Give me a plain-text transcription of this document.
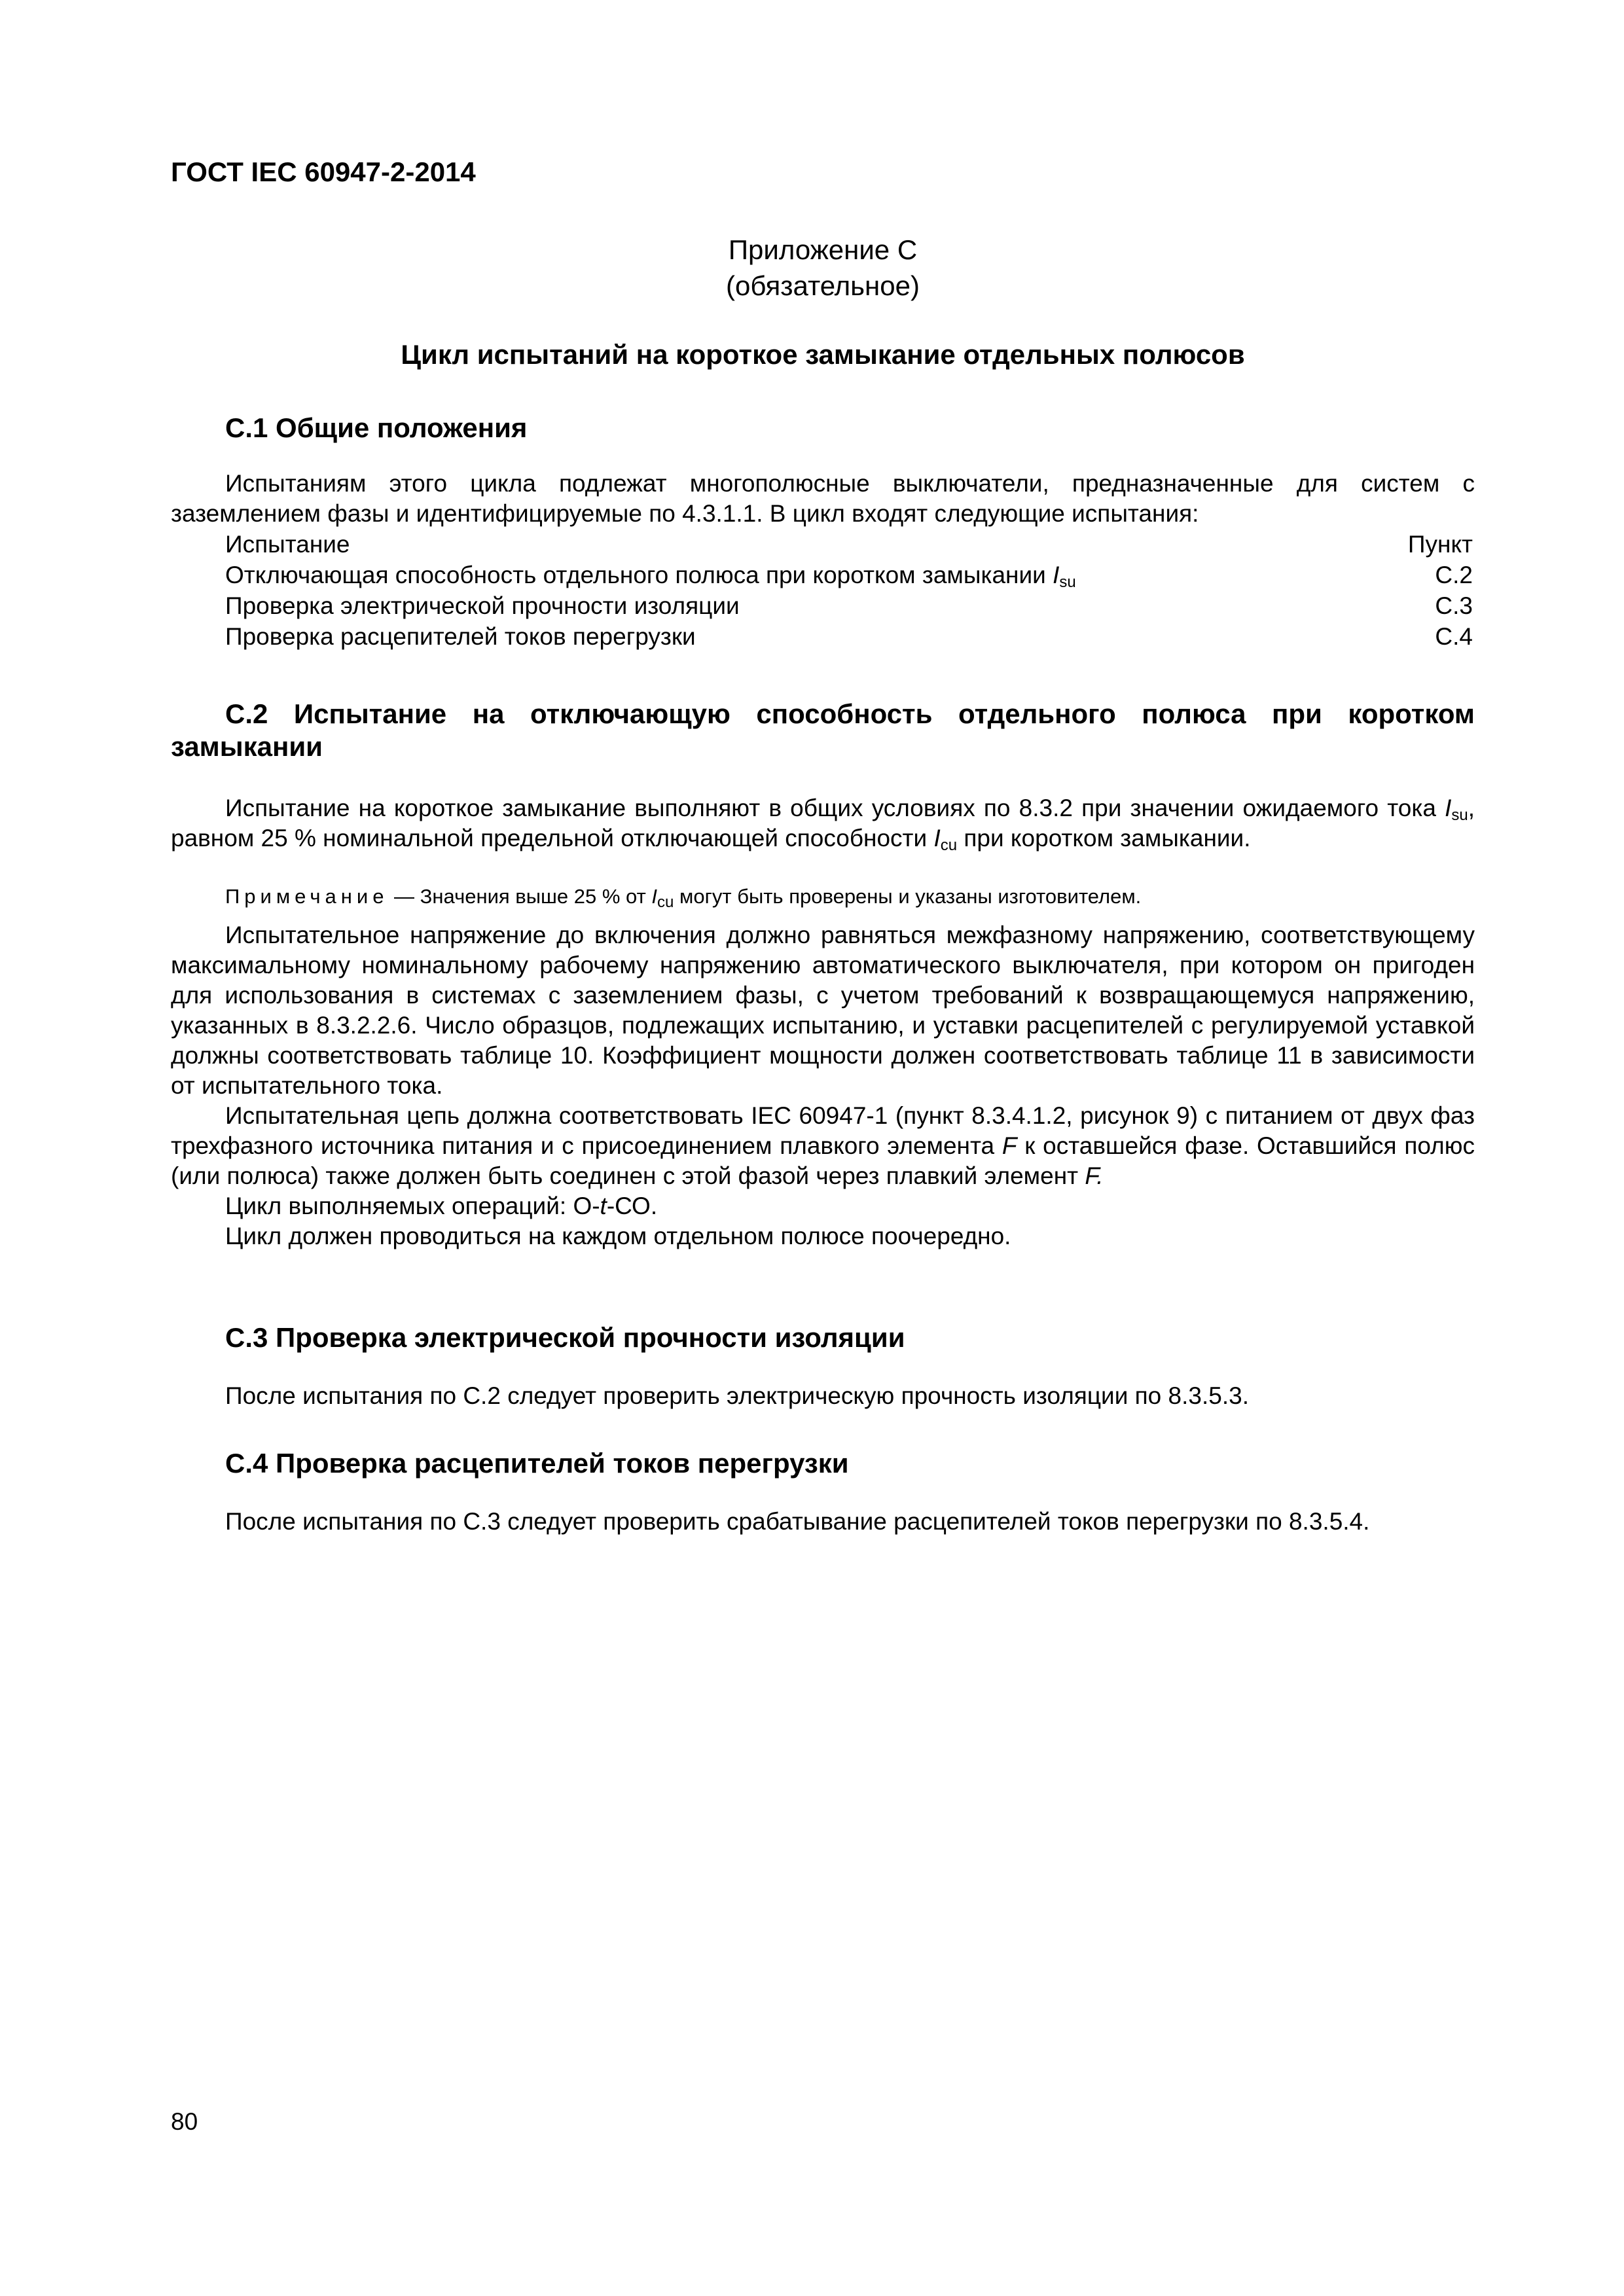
ГОСТ IEC 60947-2-2014
Приложение С
(обязательное)
Цикл испытаний на короткое замыкание отдельных полюсов
С.1 Общие положения

Испытаниям этого цикла подлежат многополюсные выключатели, предназначенные для систем с заземлением фазы и идентифицируемые по 4.3.1.1. В цикл входят следующие испытания:

Испытание	Пункт
Отключающая способность отдельного полюса при коротком замыкании $I_{su}$	С.2
Проверка электрической прочности изоляции	С.3
Проверка расцепителей токов перегрузки	С.4
С.2 Испытание на отключающую способность отдельного полюса при коротком замыкании

Испытание на короткое замыкание выполняют в общих условиях по 8.3.2 при значении ожидаемого тока $I_{su}$, равном 25 % номинальной предельной отключающей способности $I_{cu}$ при коротком замыкании.

Примечание — Значения выше 25 % от $I_{cu}$ могут быть проверены и указаны изготовителем.

Испытательное напряжение до включения должно равняться межфазному напряжению, соответствующему максимальному номинальному рабочему напряжению автоматического выключателя, при котором он пригоден для использования в системах с заземлением фазы, с учетом требований к возвращающемуся напряжению, указанных в 8.3.2.2.6. Число образцов, подлежащих испытанию, и уставки расцепителей с регулируемой уставкой должны соответствовать таблице 10. Коэффициент мощности должен соответствовать таблице 11 в зависимости от испытательного тока.

Испытательная цепь должна соответствовать IEC 60947-1 (пункт 8.3.4.1.2, рисунок 9) с питанием от двух фаз трехфазного источника питания и с присоединением плавкого элемента F к оставшейся фазе. Оставшийся полюс (или полюса) также должен быть соединен с этой фазой через плавкий элемент F.

Цикл выполняемых операций: О-t-СО.

Цикл должен проводиться на каждом отдельном полюсе поочередно.

С.3 Проверка электрической прочности изоляции

После испытания по С.2 следует проверить электрическую прочность изоляции по 8.3.5.3.

С.4 Проверка расцепителей токов перегрузки

После испытания по С.3 следует проверить срабатывание расцепителей токов перегрузки по 8.3.5.4.

80
